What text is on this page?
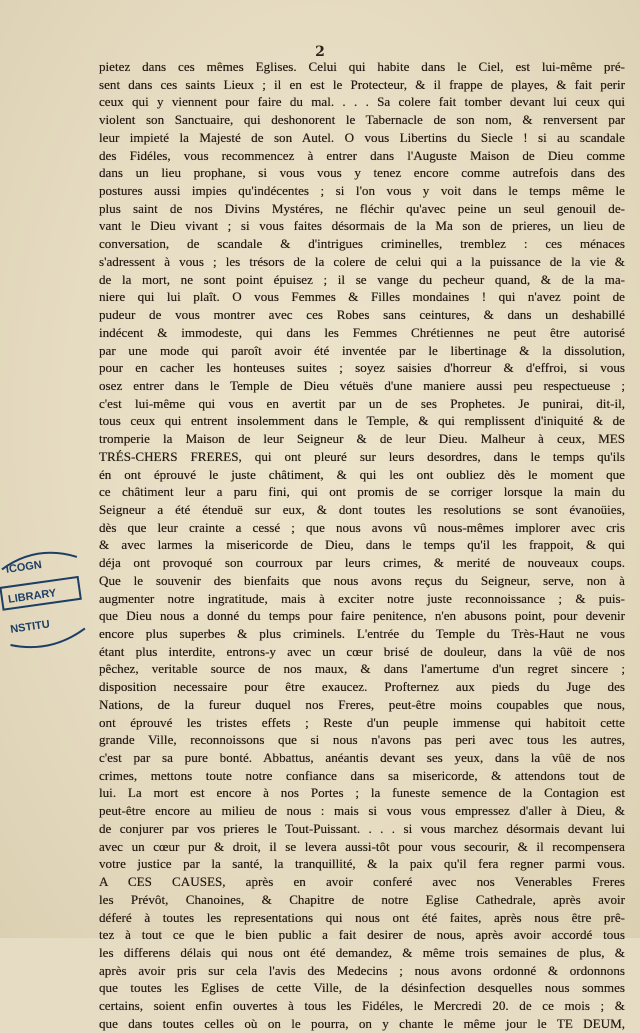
2
pietez dans ces mêmes Eglises. Celui qui habite dans le Ciel, est lui-même pré-
sent dans ces saints Lieux ; il en est le Protecteur, & il frappe de playes, & fait perir
ceux qui y viennent pour faire du mal. . . . Sa colere fait tomber devant lui ceux qui
violent son Sanctuaire, qui deshonorent le Tabernacle de son nom, & renversent par
leur impieté la Majesté de son Autel. O vous Libertins du Siecle ! si au scandale
des Fidéles, vous recommencez à entrer dans l'Auguste Maison de Dieu comme
dans un lieu prophane, si vous vous y tenez encore comme autrefois dans des
postures aussi impies qu'indécentes ; si l'on vous y voit dans le temps même le
plus saint de nos Divins Mystéres, ne fléchir qu'avec peine un seul genouil de-
vant le Dieu vivant ; si vous faites désormais de la Ma son de prieres, un lieu de
conversation, de scandale & d'intrigues criminelles, tremblez : ces ménaces
s'adressent à vous ; les trésors de la colere de celui qui a la puissance de la vie &
de la mort, ne sont point épuisez ; il se vange du pecheur quand, & de la ma-
niere qui lui plaît. O vous Femmes & Filles mondaines ! qui n'avez point de
pudeur de vous montrer avec ces Robes sans ceintures, & dans un deshabillé
indécent & immodeste, qui dans les Femmes Chrétiennes ne peut être autorisé
par une mode qui paroît avoir été inventée par le libertinage & la dissolution,
pour en cacher les honteuses suites ; soyez saisies d'horreur & d'effroi, si vous
osez entrer dans le Temple de Dieu vétuës d'une maniere aussi peu respectueuse ;
c'est lui-même qui vous en avertit par un de ses Prophetes. Je punirai, dit-il,
tous ceux qui entrent insolemment dans le Temple, & qui remplissent d'iniquité & de
tromperie la Maison de leur Seigneur & de leur Dieu. Malheur à ceux, MES
TRÉS-CHERS FRERES, qui ont pleuré sur leurs desordres, dans le temps qu'ils
én ont éprouvé le juste châtiment, & qui les ont oubliez dès le moment que
ce châtiment leur a paru fini, qui ont promis de se corriger lorsque la main du
Seigneur a été étenduë sur eux, & dont toutes les resolutions se sont évanoüies,
dès que leur crainte a cessé ; que nous avons vû nous-mêmes implorer avec cris
& avec larmes la misericorde de Dieu, dans le temps qu'il les frappoit, & qui
déja ont provoqué son courroux par leurs crimes, & merité de nouveaux coups.
Que le souvenir des bienfaits que nous avons reçus du Seigneur, serve, non à
augmenter notre ingratitude, mais à exciter notre juste reconnoissance ; & puis-
que Dieu nous a donné du temps pour faire penitence, n'en abusons point, pour devenir
encore plus superbes & plus criminels. L'entrée du Temple du Très-Haut ne vous
étant plus interdite, entrons-y avec un cœur brisé de douleur, dans la vûë de nos
pêchez, veritable source de nos maux, & dans l'amertume d'un regret sincere ;
disposition necessaire pour être exaucez. Profternez aux pieds du Juge des
Nations, de la fureur duquel nos Freres, peut-être moins coupables que nous,
ont éprouvé les tristes effets ; Reste d'un peuple immense qui habitoit cette
grande Ville, reconnoissons que si nous n'avons pas peri avec tous les autres,
c'est par sa pure bonté. Abbattus, anéantis devant ses yeux, dans la vûë de nos
crimes, mettons toute notre confiance dans sa misericorde, & attendons tout de
lui. La mort est encore à nos Portes ; la funeste semence de la Contagion est
peut-être encore au milieu de nous : mais si vous vous empressez d'aller à Dieu, &
de conjurer par vos prieres le Tout-Puissant. . . . si vous marchez désormais devant lui
avec un cœur pur & droit, il se levera aussi-tôt pour vous secourir, & il recompensera
votre justice par la santé, la tranquillité, & la paix qu'il fera regner parmi vous.
A CES CAUSES, après en avoir conferé avec nos Venerables Freres
les Prévôt, Chanoines, & Chapitre de notre Eglise Cathedrale, après avoir
déferé à toutes les representations qui nous ont été faites, après nous être prê-
tez à tout ce que le bien public a fait desirer de nous, après avoir accordé tous
les differens délais qui nous ont été demandez, & même trois semaines de plus, &
après avoir pris sur cela l'avis des Medecins ; nous avons ordonné & ordonnons
que toutes les Eglises de cette Ville, de la désinfection desquelles nous sommes
certains, soient enfin ouvertes à tous les Fidéles, le Mercredi 20. de ce mois ; &
que dans toutes celles où on le pourra, on y chante le même jour le TE DEUM,
ICOGN
LIBRARY
NSTITU
